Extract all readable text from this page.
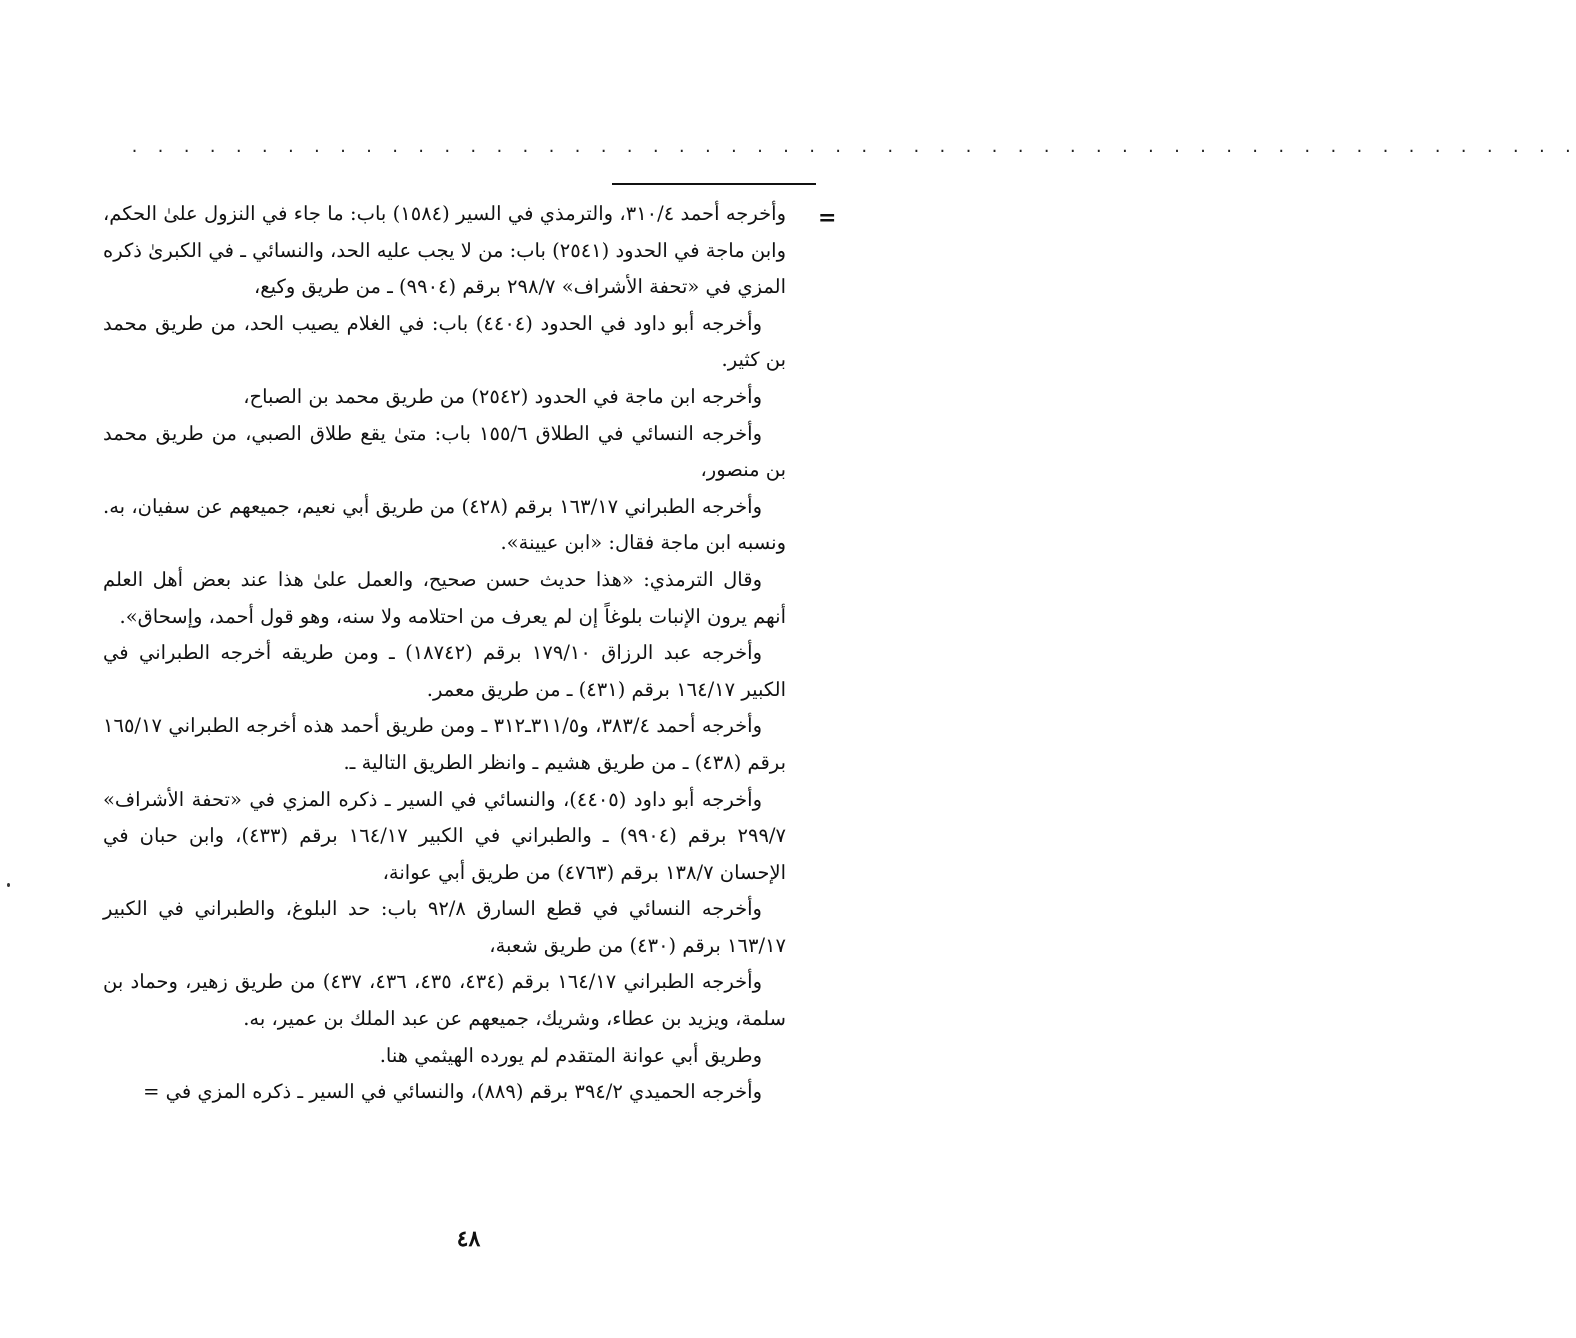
. . . . . . . . . . . . . . . . . . . . . . . . . . . . . . . . . . . . . . . . . . . . . . . . . . . . . . . .
=

وأخرجه أحمد ٣١٠/٤، والترمذي في السير (١٥٨٤) باب: ما جاء في النزول علىٰ الحكم، وابن ماجة في الحدود (٢٥٤١) باب: من لا يجب عليه الحد، والنسائي ـ في الكبرىٰ ذكره المزي في «تحفة الأشراف» ٢٩٨/٧ برقم (٩٩٠٤) ـ من طريق وكيع،

وأخرجه أبو داود في الحدود (٤٤٠٤) باب: في الغلام يصيب الحد، من طريق محمد بن كثير.

وأخرجه ابن ماجة في الحدود (٢٥٤٢) من طريق محمد بن الصباح،

وأخرجه النسائي في الطلاق ١٥٥/٦ باب: متىٰ يقع طلاق الصبي، من طريق محمد بن منصور،

وأخرجه الطبراني ١٦٣/١٧ برقم (٤٢٨) من طريق أبي نعيم، جميعهم عن سفيان، به. ونسبه ابن ماجة فقال: «ابن عيينة».

وقال الترمذي: «هذا حديث حسن صحيح، والعمل علىٰ هذا عند بعض أهل العلم أنهم يرون الإنبات بلوغاً إن لم يعرف من احتلامه ولا سنه، وهو قول أحمد، وإسحاق».

وأخرجه عبد الرزاق ١٧٩/١٠ برقم (١٨٧٤٢) ـ ومن طريقه أخرجه الطبراني في الكبير ١٦٤/١٧ برقم (٤٣١) ـ من طريق معمر.

وأخرجه أحمد ٣٨٣/٤، و٣١١/٥ـ٣١٢ ـ ومن طريق أحمد هذه أخرجه الطبراني ١٦٥/١٧ برقم (٤٣٨) ـ من طريق هشيم ـ وانظر الطريق التالية ـ.

وأخرجه أبو داود (٤٤٠٥)، والنسائي في السير ـ ذكره المزي في «تحفة الأشراف» ٢٩٩/٧ برقم (٩٩٠٤) ـ والطبراني في الكبير ١٦٤/١٧ برقم (٤٣٣)، وابن حبان في الإحسان ١٣٨/٧ برقم (٤٧٦٣) من طريق أبي عوانة،

وأخرجه النسائي في قطع السارق ٩٢/٨ باب: حد البلوغ، والطبراني في الكبير ١٦٣/١٧ برقم (٤٣٠) من طريق شعبة،

وأخرجه الطبراني ١٦٤/١٧ برقم (٤٣٤، ٤٣٥، ٤٣٦، ٤٣٧) من طريق زهير، وحماد بن سلمة، ويزيد بن عطاء، وشريك، جميعهم عن عبد الملك بن عمير، به.

وطريق أبي عوانة المتقدم لم يورده الهيثمي هنا.

وأخرجه الحميدي ٣٩٤/٢ برقم (٨٨٩)، والنسائي في السير ـ ذكره المزي في =

٤٨
